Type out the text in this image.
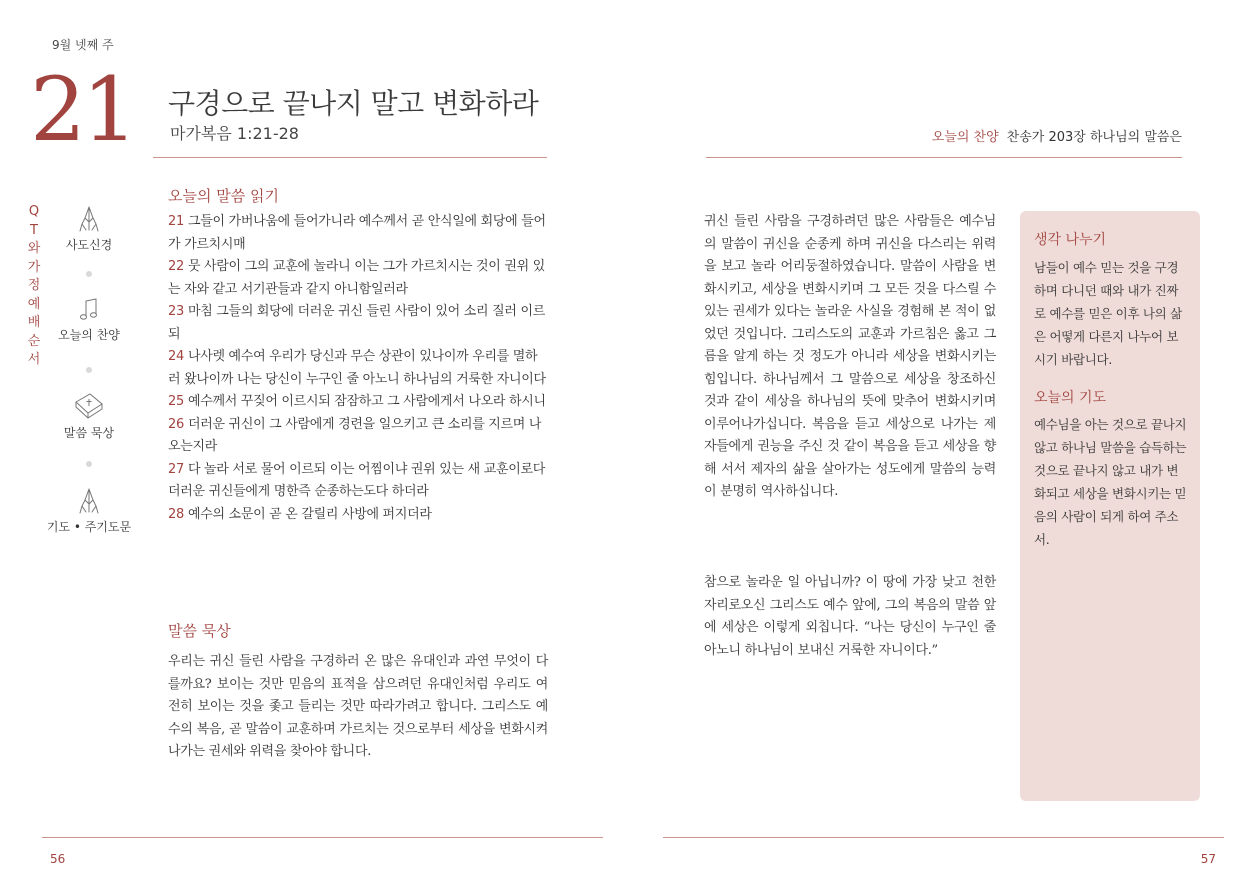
9월 넷째 주
21 구경으로 끝나지 말고 변화하라
마가복음 1:21-28
QT와 가정예배 순서
사도신경
오늘의 찬양
말씀 묵상
기도 • 주기도문
오늘의 말씀 읽기
21 그들이 가버나움에 들어가니라 예수께서 곧 안식일에 회당에 들어가 가르치시매
22 뭇 사람이 그의 교훈에 놀라니 이는 그가 가르치시는 것이 권위 있는 자와 같고 서기관들과 같지 아니함일러라
23 마침 그들의 회당에 더러운 귀신 들린 사람이 있어 소리 질러 이르되
24 나사렛 예수여 우리가 당신과 무슨 상관이 있나이까 우리를 멸하러 왔나이까 나는 당신이 누구인 줄 아노니 하나님의 거룩한 자니이다
25 예수께서 꾸짖어 이르시되 잠잠하고 그 사람에게서 나오라 하시니
26 더러운 귀신이 그 사람에게 경련을 일으키고 큰 소리를 지르며 나오는지라
27 다 놀라 서로 물어 이르되 이는 어찜이냐 권위 있는 새 교훈이로다 더러운 귀신들에게 명한즉 순종하는도다 하더라
28 예수의 소문이 곧 온 갈릴리 사방에 퍼지더라
말씀 묵상

우리는 귀신 들린 사람을 구경하러 온 많은 유대인과 과연 무엇이 다를까요? 보이는 것만 믿음의 표적을 삼으려던 유대인처럼 우리도 여전히 보이는 것을 좇고 들리는 것만 따라가려고 합니다. 그리스도 예수의 복음, 곧 말씀이 교훈하며 가르치는 것으로부터 세상을 변화시켜 나가는 권세와 위력을 찾아야 합니다.

오늘의 찬양 찬송가 203장 하나님의 말씀은

귀신 들린 사람을 구경하려던 많은 사람들은 예수님의 말씀이 귀신을 순종케 하며 귀신을 다스리는 위력을 보고 놀라 어리둥절하였습니다. 말씀이 사람을 변화시키고, 세상을 변화시키며 그 모든 것을 다스릴 수 있는 권세가 있다는 놀라운 사실을 경험해 본 적이 없었던 것입니다. 그리스도의 교훈과 가르침은 옳고 그름을 알게 하는 것 정도가 아니라 세상을 변화시키는 힘입니다. 하나님께서 그 말씀으로 세상을 창조하신 것과 같이 세상을 하나님의 뜻에 맞추어 변화시키며 이루어나가십니다. 복음을 듣고 세상으로 나가는 제자들에게 권능을 주신 것 같이 복음을 듣고 세상을 향해 서서 제자의 삶을 살아가는 성도에게 말씀의 능력이 분명히 역사하십니다.

참으로 놀라운 일 아닙니까? 이 땅에 가장 낮고 천한 자리로오신 그리스도 예수 앞에, 그의 복음의 말씀 앞에 세상은 이렇게 외칩니다. “나는 당신이 누구인 줄 아노니 하나님이 보내신 거룩한 자니이다.”

생각 나누기
남들이 예수 믿는 것을 구경하며 다니던 때와 내가 진짜로 예수를 믿은 이후 나의 삶은 어떻게 다른지 나누어 보시기 바랍니다.
오늘의 기도
예수님을 아는 것으로 끝나지 않고 하나님 말씀을 습득하는 것으로 끝나지 않고 내가 변화되고 세상을 변화시키는 믿음의 사람이 되게 하여 주소서.
56	57
